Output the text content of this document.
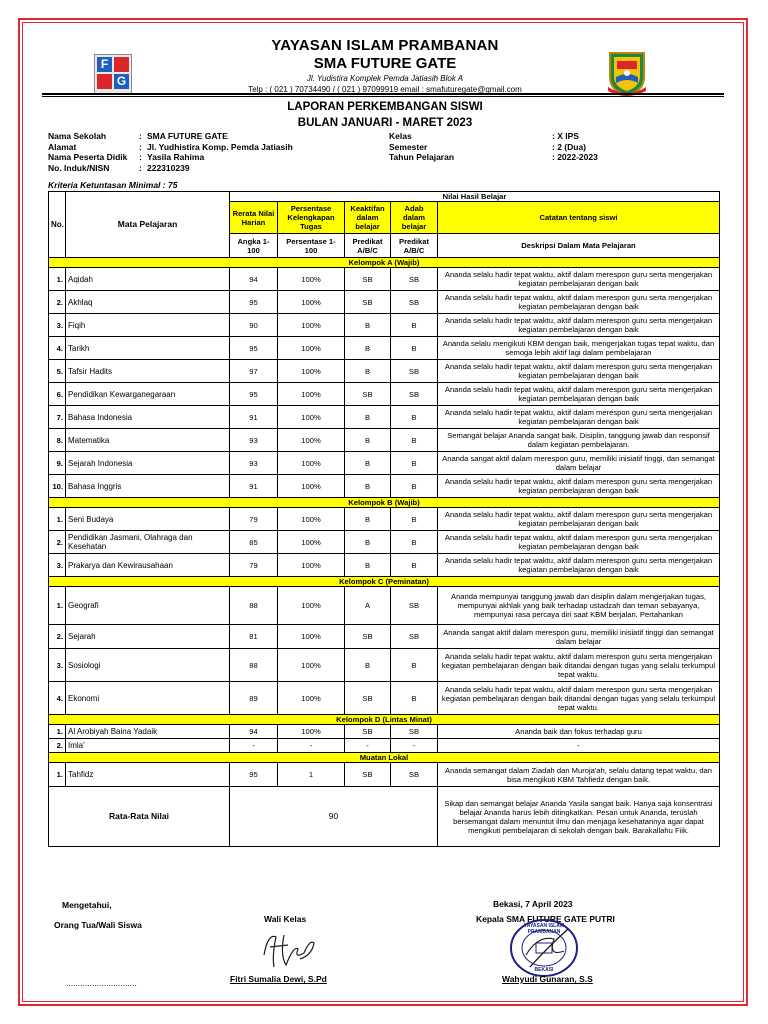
F
G
YAYASAN ISLAM PRAMBANAN
SMA FUTURE GATE
Jl. Yudistira Komplek Pemda Jatiasih Blok A
Telp : ( 021 ) 70734490 / ( 021 ) 97099919 email : smafuturegate@gmail.com
LAPORAN PERKEMBANGAN SISWI
BULAN JANUARI - MARET 2023
Nama Sekolah	: SMA FUTURE GATE
Alamat	: Jl. Yudhistira Komp. Pemda Jatiasih
Nama Peserta Didik	: Yasila Rahima
No. Induk/NISN	: 222310239
Kelas	: X IPS
Semester	: 2 (Dua)
Tahun Pelajaran	: 2022-2023
Kriteria Ketuntasan Minimal : 75
No.	Mata Pelajaran	Nilai Hasil Belajar				
		Rerata Nilai Harian	Persentase Kelengkapan Tugas	Keaktifan dalam belajar	Adab dalam belajar	Catatan tentang siswi
		Angka 1-100	Persentase 1-100	Predikat A/B/C	Predikat A/B/C	Deskripsi Dalam Mata Pelajaran
Kelompok A (Wajib)						
1.	Aqidah	94	100%	SB	SB	Ananda selalu hadir tepat waktu, aktif dalam merespon guru serta mengerjakan kegiatan pembelajaran dengan baik
2.	Akhlaq	95	100%	SB	SB	Ananda selalu hadir tepat waktu, aktif dalam merespon guru serta mengerjakan kegiatan pembelajaran dengan baik
3.	Fiqih	90	100%	B	B	Ananda selalu hadir tepat waktu, aktif dalam merespon guru serta mengerjakan kegiatan pembelajaran dengan baik
4.	Tarikh	95	100%	B	B	Ananda selalu mengikuti KBM dengan baik, mengerjakan tugas tepat waktu, dan semoga lebih aktif lagi dalam pembelajaran
5.	Tafsir Hadits	97	100%	B	SB	Ananda selalu hadir tepat waktu, aktif dalam merespon guru serta mengerjakan kegiatan pembelajaran dengan baik
6.	Pendidikan Kewarganegaraan	95	100%	SB	SB	Ananda selalu hadir tepat waktu, aktif dalam merespon guru serta mengerjakan kegiatan pembelajaran dengan baik
7.	Bahasa Indonesia	91	100%	B	B	Ananda selalu hadir tepat waktu, aktif dalam merespon guru serta mengerjakan kegiatan pembelajaran dengan baik
8.	Matematika	93	100%	B	B	Semangat belajar Ananda sangat baik. Disiplin, tanggung jawab dan responsif dalam kegiatan pembelajaran.
9.	Sejarah Indonesia	93	100%	B	B	Ananda sangat aktif dalam merespon guru, memiliki inisiatif tinggi, dan semangat dalam belajar
10.	Bahasa Inggris	91	100%	B	B	Ananda selalu hadir tepat waktu, aktif dalam merespon guru serta mengerjakan kegiatan pembelajaran dengan baik
Kelompok B (Wajib)						
1.	Seni Budaya	79	100%	B	B	Ananda selalu hadir tepat waktu, aktif dalam merespon guru serta mengerjakan kegiatan pembelajaran dengan baik
2.	Pendidikan Jasmani, Olahraga dan Kesehatan	85	100%	B	B	Ananda selalu hadir tepat waktu, aktif dalam merespon guru serta mengerjakan kegiatan pembelajaran dengan baik
3.	Prakarya dan Kewirausahaan	79	100%	B	B	Ananda selalu hadir tepat waktu, aktif dalam merespon guru serta mengerjakan kegiatan pembelajaran dengan baik
Kelompok C (Peminatan)						
1.	Geografi	88	100%	A	SB	Ananda mempunyai tanggung jawab dan disiplin dalam mengerjakan tugas, mempunyai akhlak yang baik terhadap ustadzah dan teman sebayanya, mempunyai rasa percaya diri saat KBM berjalan. Pertahankan
2.	Sejarah	81	100%	SB	SB	Ananda sangat aktif dalam merespon guru, memiliki inisiatif tinggi dan semangat dalam belajar
3.	Sosiologi	88	100%	B	B	Ananda selalu hadir tepat waktu, aktif dalam merespon guru serta mengerjakan kegiatan pembelajaran dengan baik ditandai dengan tugas yang selalu terkumpul tepat waktu.
4.	Ekonomi	89	100%	SB	B	Ananda selalu hadir tepat waktu, aktif dalam merespon guru serta mengerjakan kegiatan pembelajaran dengan baik ditandai dengan tugas yang selalu terkumpul tepat waktu.
Kelompok D (Lintas Minat)						
1.	Al Arobiyah Baina Yadaik	94	100%	SB	SB	Ananda baik dan fokus terhadap guru
2.	Imla'	-	-	-	-	-
Muatan Lokal						
1.	Tahfidz	95	1	SB	SB	Ananda semangat dalam Ziadah dan Muroja'ah, selalu datang tepat waktu, dan bisa mengikuti KBM Tahfiedz dengan baik.
Rata-Rata Nilai		90				Sikap dan semangat belajar Ananda Yasila sangat baik. Hanya saja konsentrasi belajar Ananda harus lebih ditingkatkan. Pesan untuk Ananda, teruslah bersemangat dalam menuntut ilmu dan menjaga kesehatannya agar dapat mengikuti pembelajaran di sekolah dengan baik. Barakallahu Fiik.
Mengetahui,
Orang Tua/Wali Siswa
..............................
Wali Kelas
Fitri Sumalia Dewi, S.Pd
Bekasi, 7 April 2023
Kepala SMA FUTURE GATE PUTRI
YAYASAN ISLAM PRAMBANAN
BEKASI
Wahyudi Gunaran, S.S
